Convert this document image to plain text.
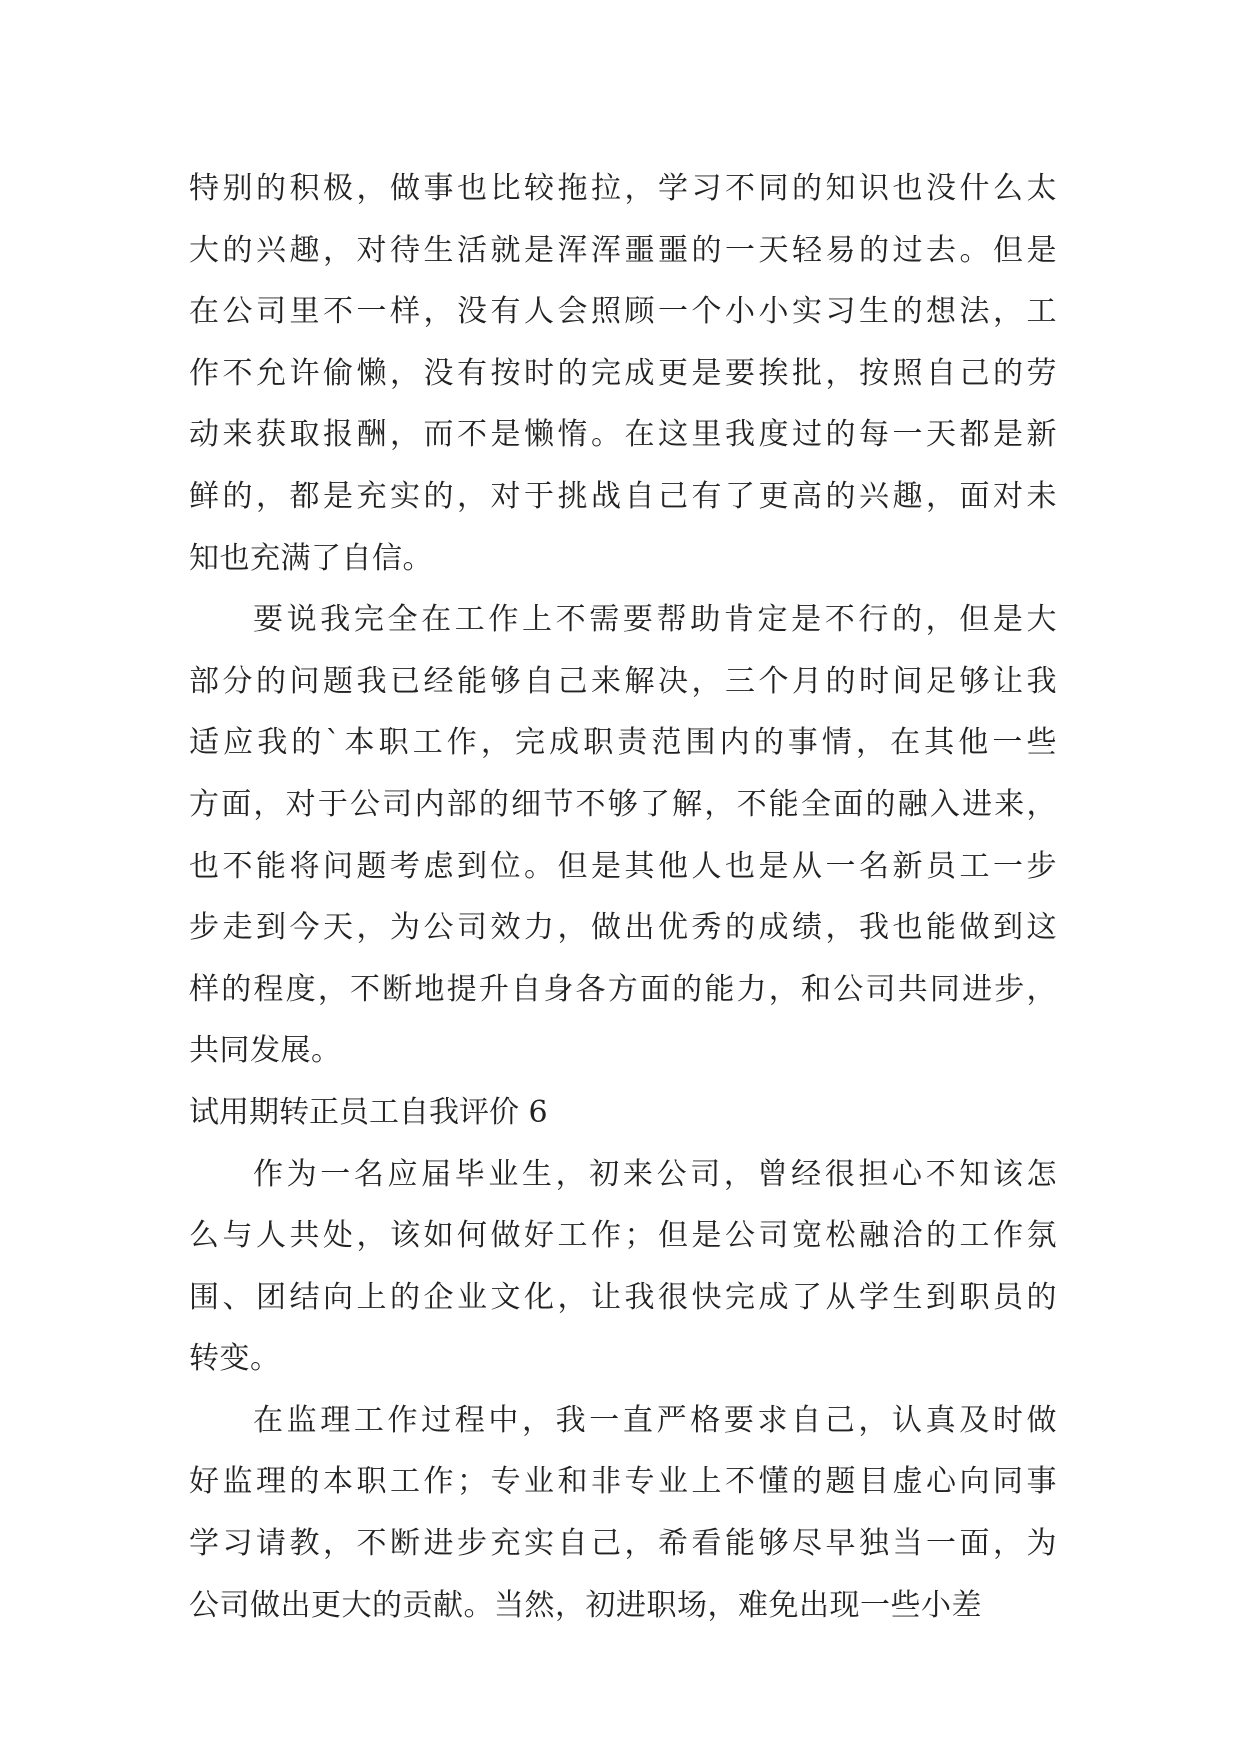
特别的积极，做事也比较拖拉，学习不同的知识也没什么太
大的兴趣，对待生活就是浑浑噩噩的一天轻易的过去。但是
在公司里不一样，没有人会照顾一个小小实习生的想法，工
作不允许偷懒，没有按时的完成更是要挨批，按照自己的劳
动来获取报酬，而不是懒惰。在这里我度过的每一天都是新
鲜的，都是充实的，对于挑战自己有了更高的兴趣，面对未
知也充满了自信。
要说我完全在工作上不需要帮助肯定是不行的，但是大
部分的问题我已经能够自己来解决，三个月的时间足够让我
适应我的`本职工作，完成职责范围内的事情，在其他一些
方面，对于公司内部的细节不够了解，不能全面的融入进来，
也不能将问题考虑到位。但是其他人也是从一名新员工一步
步走到今天，为公司效力，做出优秀的成绩，我也能做到这
样的程度，不断地提升自身各方面的能力，和公司共同进步，
共同发展。
试用期转正员工自我评价 6
作为一名应届毕业生，初来公司，曾经很担心不知该怎
么与人共处，该如何做好工作；但是公司宽松融洽的工作氛
围、团结向上的企业文化，让我很快完成了从学生到职员的
转变。
在监理工作过程中，我一直严格要求自己，认真及时做
好监理的本职工作；专业和非专业上不懂的题目虚心向同事
学习请教，不断进步充实自己，希看能够尽早独当一面，为
公司做出更大的贡献。当然，初进职场，难免出现一些小差
